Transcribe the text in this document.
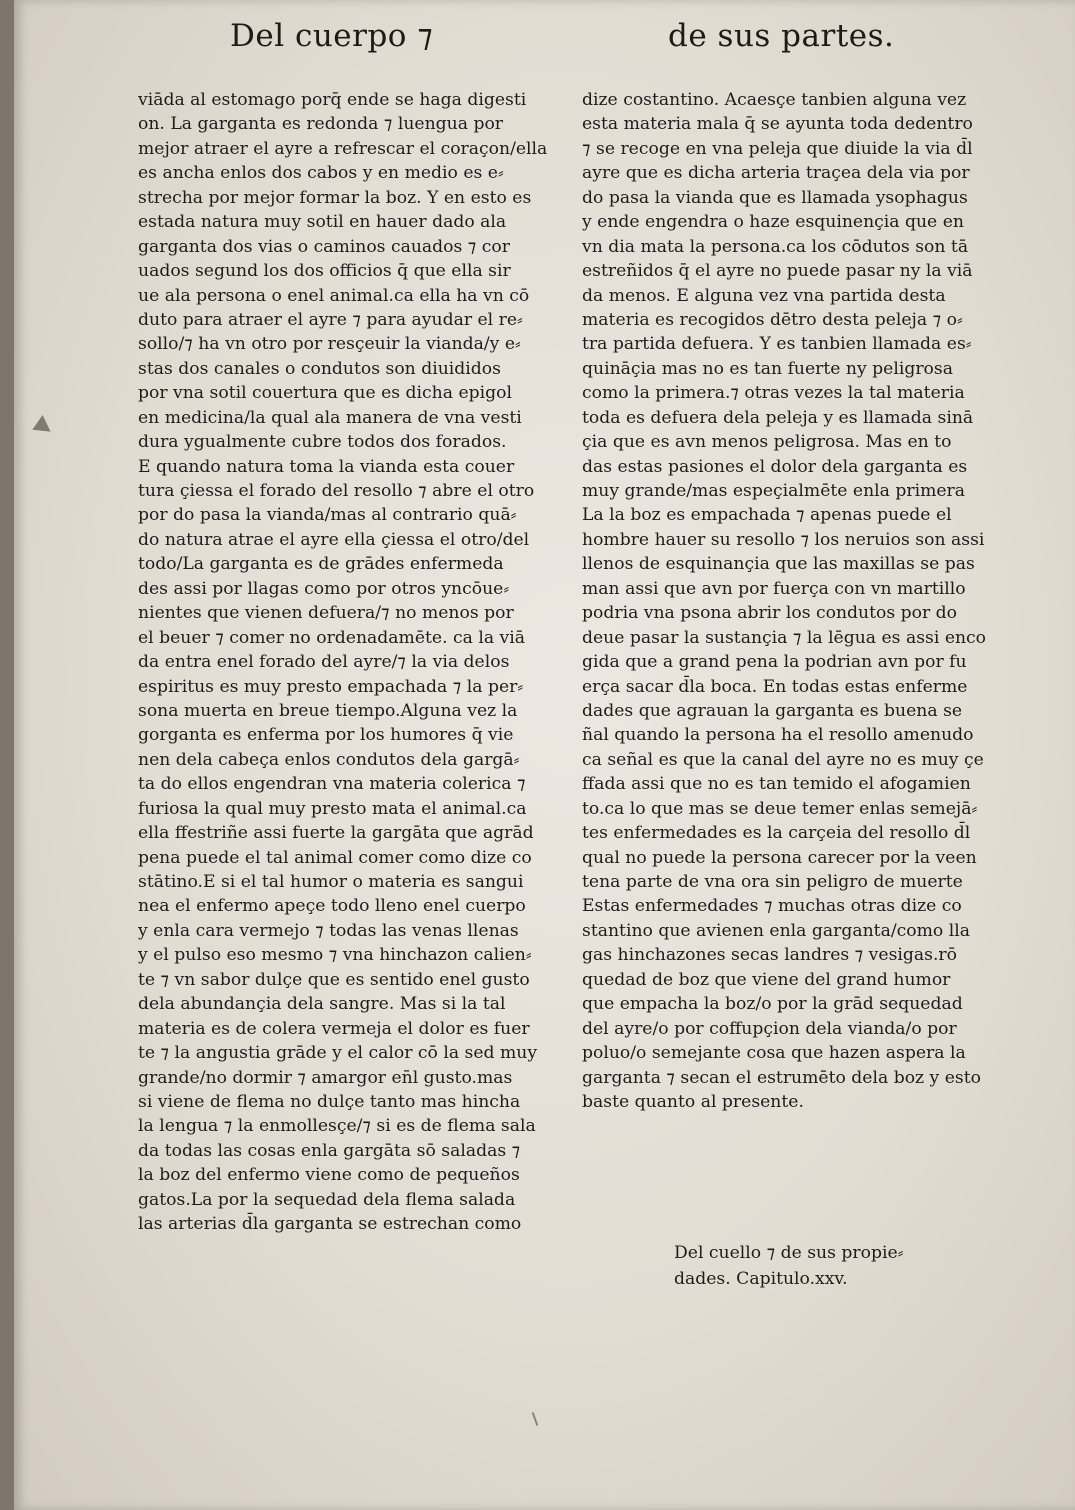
Del cuerpo ⁊	de sus partes.
viāda al estomago porq̄ ende se haga digesti
on. La garganta es redonda ⁊ luengua por
mejor atraer el ayre a refrescar el coraçon/ella
es ancha enlos dos cabos y en medio es e⸗
strecha por mejor formar la boz. Y en esto es
estada natura muy sotil en hauer dado ala
garganta dos vias o caminos cauados ⁊ cor
uados segund los dos officios q̄ que ella sir
ue ala persona o enel animal.ca ella ha vn cō
duto para atraer el ayre ⁊ para ayudar el re⸗
sollo/⁊ ha vn otro por resçeuir la vianda/y e⸗
stas dos canales o condutos son diuididos
por vna sotil couertura que es dicha epigol
en medicina/la qual ala manera de vna vesti
dura ygualmente cubre todos dos forados.
E quando natura toma la vianda esta couer
tura çiessa el forado del resollo ⁊ abre el otro
por do pasa la vianda/mas al contrario quā⸗
do natura atrae el ayre ella çiessa el otro/del
todo/La garganta es de grādes enfermeda
des assi por llagas como por otros yncōue⸗
nientes que vienen defuera/⁊ no menos por
el beuer ⁊ comer no ordenadamēte. ca la viā
da entra enel forado del ayre/⁊ la via delos
espiritus es muy presto empachada ⁊ la per⸗
sona muerta en breue tiempo.Alguna vez la
gorganta es enferma por los humores q̄ vie
nen dela cabeça enlos condutos dela gargā⸗
ta do ellos engendran vna materia colerica ⁊
furiosa la qual muy presto mata el animal.ca
ella ffestriñe assi fuerte la gargāta que agrād
pena puede el tal animal comer como dize co
stātino.E si el tal humor o materia es sangui
nea el enfermo apeçe todo lleno enel cuerpo
y enla cara vermejo ⁊ todas las venas llenas
y el pulso eso mesmo ⁊ vna hinchazon calien⸗
te ⁊ vn sabor dulçe que es sentido enel gusto
dela abundançia dela sangre. Mas si la tal
materia es de colera vermeja el dolor es fuer
te ⁊ la angustia grāde y el calor cō la sed muy
grande/no dormir ⁊ amargor en̄l gusto.mas
si viene de flema no dulçe tanto mas hincha
la lengua ⁊ la enmollesçe/⁊ si es de flema sala
da todas las cosas enla gargāta sō saladas ⁊
la boz del enfermo viene como de pequeños
gatos.La por la sequedad dela flema salada
las arterias d̄la garganta se estrechan como
dize costantino. Acaesçe tanbien alguna vez
esta materia mala q̄ se ayunta toda dedentro
⁊ se recoge en vna peleja que diuide la via d̄l
ayre que es dicha arteria traçea dela via por
do pasa la vianda que es llamada ysophagus
y ende engendra o haze esquinençia que en
vn dia mata la persona.ca los cōdutos son tā
estreñidos q̄ el ayre no puede pasar ny la viā
da menos. E alguna vez vna partida desta
materia es recogidos dētro desta peleja ⁊ o⸗
tra partida defuera. Y es tanbien llamada es⸗
quināçia mas no es tan fuerte ny peligrosa
como la primera.⁊ otras vezes la tal materia
toda es defuera dela peleja y es llamada sinā
çia que es avn menos peligrosa. Mas en to
das estas pasiones el dolor dela garganta es
muy grande/mas espeçialmēte enla primera
La la boz es empachada ⁊ apenas puede el
hombre hauer su resollo ⁊ los neruios son assi
llenos de esquinançia que las maxillas se pas
man assi que avn por fuerça con vn martillo
podria vna psona abrir los condutos por do
deue pasar la sustançia ⁊ la lēgua es assi enco
gida que a grand pena la podrian avn por fu
erça sacar d̄la boca. En todas estas enferme
dades que agrauan la garganta es buena se
ñal quando la persona ha el resollo amenudo
ca señal es que la canal del ayre no es muy çe
ffada assi que no es tan temido el afogamien
to.ca lo que mas se deue temer enlas semejā⸗
tes enfermedades es la carçeia del resollo d̄l
qual no puede la persona carecer por la veen
tena parte de vna ora sin peligro de muerte
Estas enfermedades ⁊ muchas otras dize co
stantino que avienen enla garganta/como lla
gas hinchazones secas landres ⁊ vesigas.rō
quedad de boz que viene del grand humor
que empacha la boz/o por la grād sequedad
del ayre/o por coffupçion dela vianda/o por
poluo/o semejante cosa que hazen aspera la
garganta ⁊ secan el estrumēto dela boz y esto
baste quanto al presente.
Del cuello ⁊ de sus propie⸗
dades. Capitulo.xxv.
